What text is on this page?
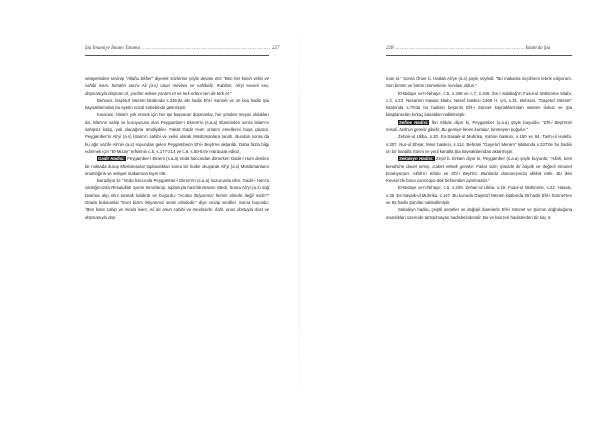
Şia İmamiye İmamı Tanıma .......................................................................... 227

velayetinden sevinip "Allahu Ekber" diyerek sözlerine şöyle devam etti: "Ben her kimin velisi ve sahibi isem, benden sonra Ali (a.s) onun mevlası ve sahibidir. Rabbim, Ali'yi seveni sev, düşmanıyla düşman ol, yardım edene yardım et ve terk edeni sen de terk et."

Behrani, Gayetu'l Meram kitabında s.336'da altı hadis Ehl-i Sünnet ve on beş hadis Şia kaynaklarından bu ayetin nüzul sebebinde getirmiştir.

Kısacası: İslam'ı yok etmek için her işe başvuran düşmanlar, her yönden meyus oldukları da, İslam'ın sahip ve koruyucusu olan Peygamber-i Ekrem'in (s.a.a) ölümünden sonra İslam'ın sahipsiz kalıp, yok olacağına ümitliydiler. Fakat Gadir Hum onların emellerini boşa çıkardı. Peygamber'in Ali'yi (a.s) İslam'ın sahibi ve velisi olarak Müslümanlara tanıttı. Bundan sonra da bu ağır vazife Ali'nin (a.s) soyundan gelen Peygamberin Ehl-i Beyti'ne aktarıldı. Daha fazla bilgi edinmek için "El-Mizan" tefsirinin c.5, s.177-214 ve c.6, s.50-64'e müracaat ediniz.

Gadir Hadisi: Peygamber-i Ekrem (s.a.a) Veda haccından dönerken Gadir-i Hum denilen bir noktada durup Müslümanlar toplandıktan sonra bir hutbe okuyarak Ali'yi (a.s) Müslümanların imamlığına ve velayet makamına tayin etti.

Buradiyor ki: "Veda haccında Peygamber-i Ekrem'in (s.a.a) huzurunda idim. Gadir-i Hum'a vardığımızda Resulullah oyerin temizlenip, toplanıyla hazırlanmasını istedi. Sonra Ali'yi (a.s) sağ tarafına alıp elini tutarak kaldırdı ve buyurdu: "Acaba ihtiyarınızı benim elimde değil midir?" Orada bulunanlar "Evet bizim ihtiyarımız senin elindedir." diye cevap verdiler. Sonra buyurdu: "Ben kime sahip ve mevla isem, Ali de onun sahibi ve mevlasıdır. İlahi, onun dostuyla dost ve düşmanıyla düş-

228 .......................................................................... İslam'da Şia

man ol." Sonra Ömer b. Hattab Ali'ye (a.s) şöyle söyledi: "Bu makama seçilmeni tebrik ediyorum. Sen benim ve bütün müminlerin mevlası oldun."

El-Bidaye ve'n-Nihaye, c.5, s.208 ve c.7, s.346. İbn-i Sabbağ'ın Fusul-ul Mühimme kitabı, c.2, s.23. Nesai'nin Hasais kitabı, Nesef baskısı 1369 H. yılı, s.31. Behrani, "Gayetu'l Meram" kitabında s.79'da bu hadisin beşerini Ehl-i Sünnet kaynaklarından seksen dokuz ve Şia kitaplarından kırkuç kanaldan nakletmiştir.

Sefine Hadisi: İbn Abbas diyor ki, Peygamber (s.a.a) şöyle buyurdu: "Ehl-i Beyt'imin misali, Nuh'un gemisi gibidir. Bu gemiye binen kurtulur, binmeyen boğulur."

Zehair-ul Ukba, s.20. Es-Savaik-ul Muhrika, Kahire baskısı, s.150 ve 84. Tarih-ul Hulefa, s.307. Nur-ul Ebsar, Mısır baskısı, s.114. Behrani "Gayetu'l Meram" kitabında s.237'de bu hadisi on bir kanalla Sünni ve yedi kanalla Şia kaynaklarından aktarmıştır.

Sekaleyn Hadisi: Zeyd b. Erkam diyor ki, Peygamber (s.a.a) şöyle buyurdu: "Allah, beni kendisine davet etmiş, icabet etmek gerekir. Fakat sizin içinizde iki büyük ve değerli emanet bırakıyorum: Allah'ın Kitabı ve Ehl-i Beyt'im. Bunlarda davranışınıza dikkat edin. Bu ikisi Kevser'de bana varıncaya dek birbirinden ayrılmazlar."

El-Bidaye ve'n-Nihaye, c.5, s.209. Zehair-ul Ukba, s.16. Fusul-ul Mühimme, s.22. Hasais, s.30. Es-Savaik-ul Muhrika, s.147. Bu konuda Gayetu'l Meram kitabında 39 hadis Ehl-i Sünnet'ten ve 82 hadis Şia'dan nakledilmiştir.

Sekaleyn hadisi, çeşitli senetler ve değişik ibarelerle Ehl-i Sünnet ve Şia'nın doğruluğuna inandıkları üzerinde tartışılmayan hadislerindendir. Bu ve benzeri hadislerden bir kaç ö-
